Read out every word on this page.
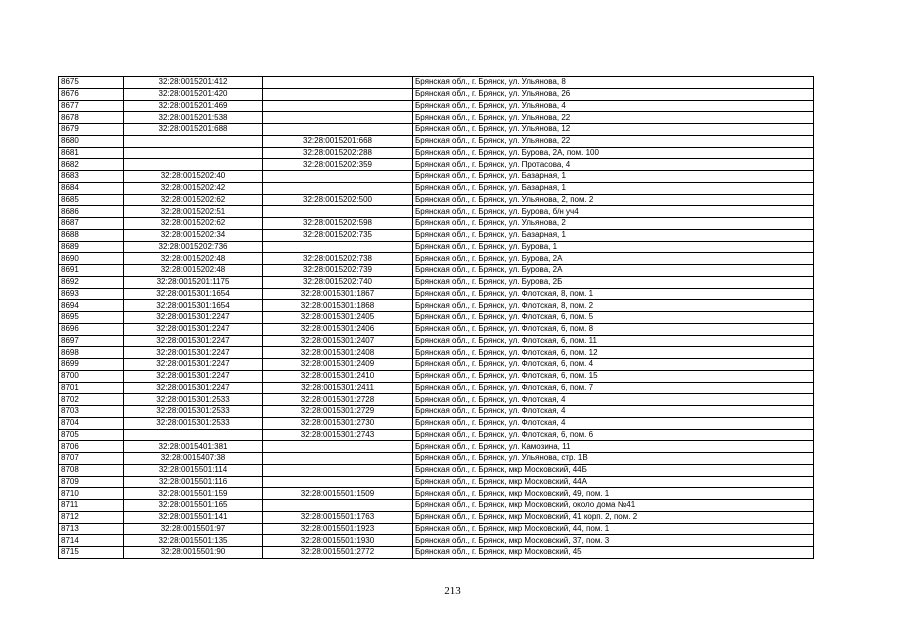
8675	32:28:0015201:412		Брянская обл., г. Брянск, ул. Ульянова, 8
8676	32:28:0015201:420		Брянская обл., г. Брянск, ул. Ульянова, 26
8677	32:28:0015201:469		Брянская обл., г. Брянск, ул. Ульянова, 4
8678	32:28:0015201:538		Брянская обл., г. Брянск, ул. Ульянова, 22
8679	32:28:0015201:688		Брянская обл., г. Брянск, ул. Ульянова, 12
8680		32:28:0015201:668	Брянская обл., г. Брянск, ул. Ульянова, 22
8681		32:28:0015202:288	Брянская обл., г. Брянск, ул. Бурова, 2А, пом. 100
8682		32:28:0015202:359	Брянская обл., г. Брянск, ул. Протасова, 4
8683	32:28:0015202:40		Брянская обл., г. Брянск, ул. Базарная, 1
8684	32:28:0015202:42		Брянская обл., г. Брянск, ул. Базарная, 1
8685	32:28:0015202:62	32:28:0015202:500	Брянская обл., г. Брянск, ул. Ульянова, 2, пом. 2
8686	32:28:0015202:51		Брянская обл., г. Брянск, ул. Бурова, б/н уч4
8687	32:28:0015202:62	32:28:0015202:598	Брянская обл., г. Брянск, ул. Ульянова, 2
8688	32:28:0015202:34	32:28:0015202:735	Брянская обл., г. Брянск, ул. Базарная, 1
8689	32:28:0015202:736		Брянская обл., г. Брянск, ул. Бурова, 1
8690	32:28:0015202:48	32:28:0015202:738	Брянская обл., г. Брянск, ул. Бурова, 2А
8691	32:28:0015202:48	32:28:0015202:739	Брянская обл., г. Брянск, ул. Бурова, 2А
8692	32:28:0015201:1175	32:28:0015202:740	Брянская обл., г. Брянск, ул. Бурова, 2Б
8693	32:28:0015301:1654	32:28:0015301:1867	Брянская обл., г. Брянск, ул. Флотская, 8, пом. 1
8694	32:28:0015301:1654	32:28:0015301:1868	Брянская обл., г. Брянск, ул. Флотская, 8, пом. 2
8695	32:28:0015301:2247	32:28:0015301:2405	Брянская обл., г. Брянск, ул. Флотская, 6, пом. 5
8696	32:28:0015301:2247	32:28:0015301:2406	Брянская обл., г. Брянск, ул. Флотская, 6, пом. 8
8697	32:28:0015301:2247	32:28:0015301:2407	Брянская обл., г. Брянск, ул. Флотская, 6, пом. 11
8698	32:28:0015301:2247	32:28:0015301:2408	Брянская обл., г. Брянск, ул. Флотская, 6, пом. 12
8699	32:28:0015301:2247	32:28:0015301:2409	Брянская обл., г. Брянск, ул. Флотская, 6, пом. 4
8700	32:28:0015301:2247	32:28:0015301:2410	Брянская обл., г. Брянск, ул. Флотская, 6, пом. 15
8701	32:28:0015301:2247	32:28:0015301:2411	Брянская обл., г. Брянск, ул. Флотская, 6, пом. 7
8702	32:28:0015301:2533	32:28:0015301:2728	Брянская обл., г. Брянск, ул. Флотская, 4
8703	32:28:0015301:2533	32:28:0015301:2729	Брянская обл., г. Брянск, ул. Флотская, 4
8704	32:28:0015301:2533	32:28:0015301:2730	Брянская обл., г. Брянск, ул. Флотская, 4
8705		32:28:0015301:2743	Брянская обл., г. Брянск, ул. Флотская, 6, пом. 6
8706	32:28:0015401:381		Брянская обл., г. Брянск, ул. Камозина, 11
8707	32:28:0015407:38		Брянская обл., г. Брянск, ул. Ульянова, стр. 1В
8708	32:28:0015501:114		Брянская обл., г. Брянск, мкр Московский, 44Б
8709	32:28:0015501:116		Брянская обл., г. Брянск, мкр Московский, 44А
8710	32:28:0015501:159	32:28:0015501:1509	Брянская обл., г. Брянск, мкр Московский, 49, пом. 1
8711	32:28:0015501:165		Брянская обл., г. Брянск, мкр Московский, около дома №41
8712	32:28:0015501:141	32:28:0015501:1763	Брянская обл., г. Брянск, мкр Московский, 41 корп. 2, пом. 2
8713	32:28:0015501:97	32:28:0015501:1923	Брянская обл., г. Брянск, мкр Московский, 44, пом. 1
8714	32:28:0015501:135	32:28:0015501:1930	Брянская обл., г. Брянск, мкр Московский, 37, пом. 3
8715	32:28:0015501:90	32:28:0015501:2772	Брянская обл., г. Брянск, мкр Московский, 45
213
